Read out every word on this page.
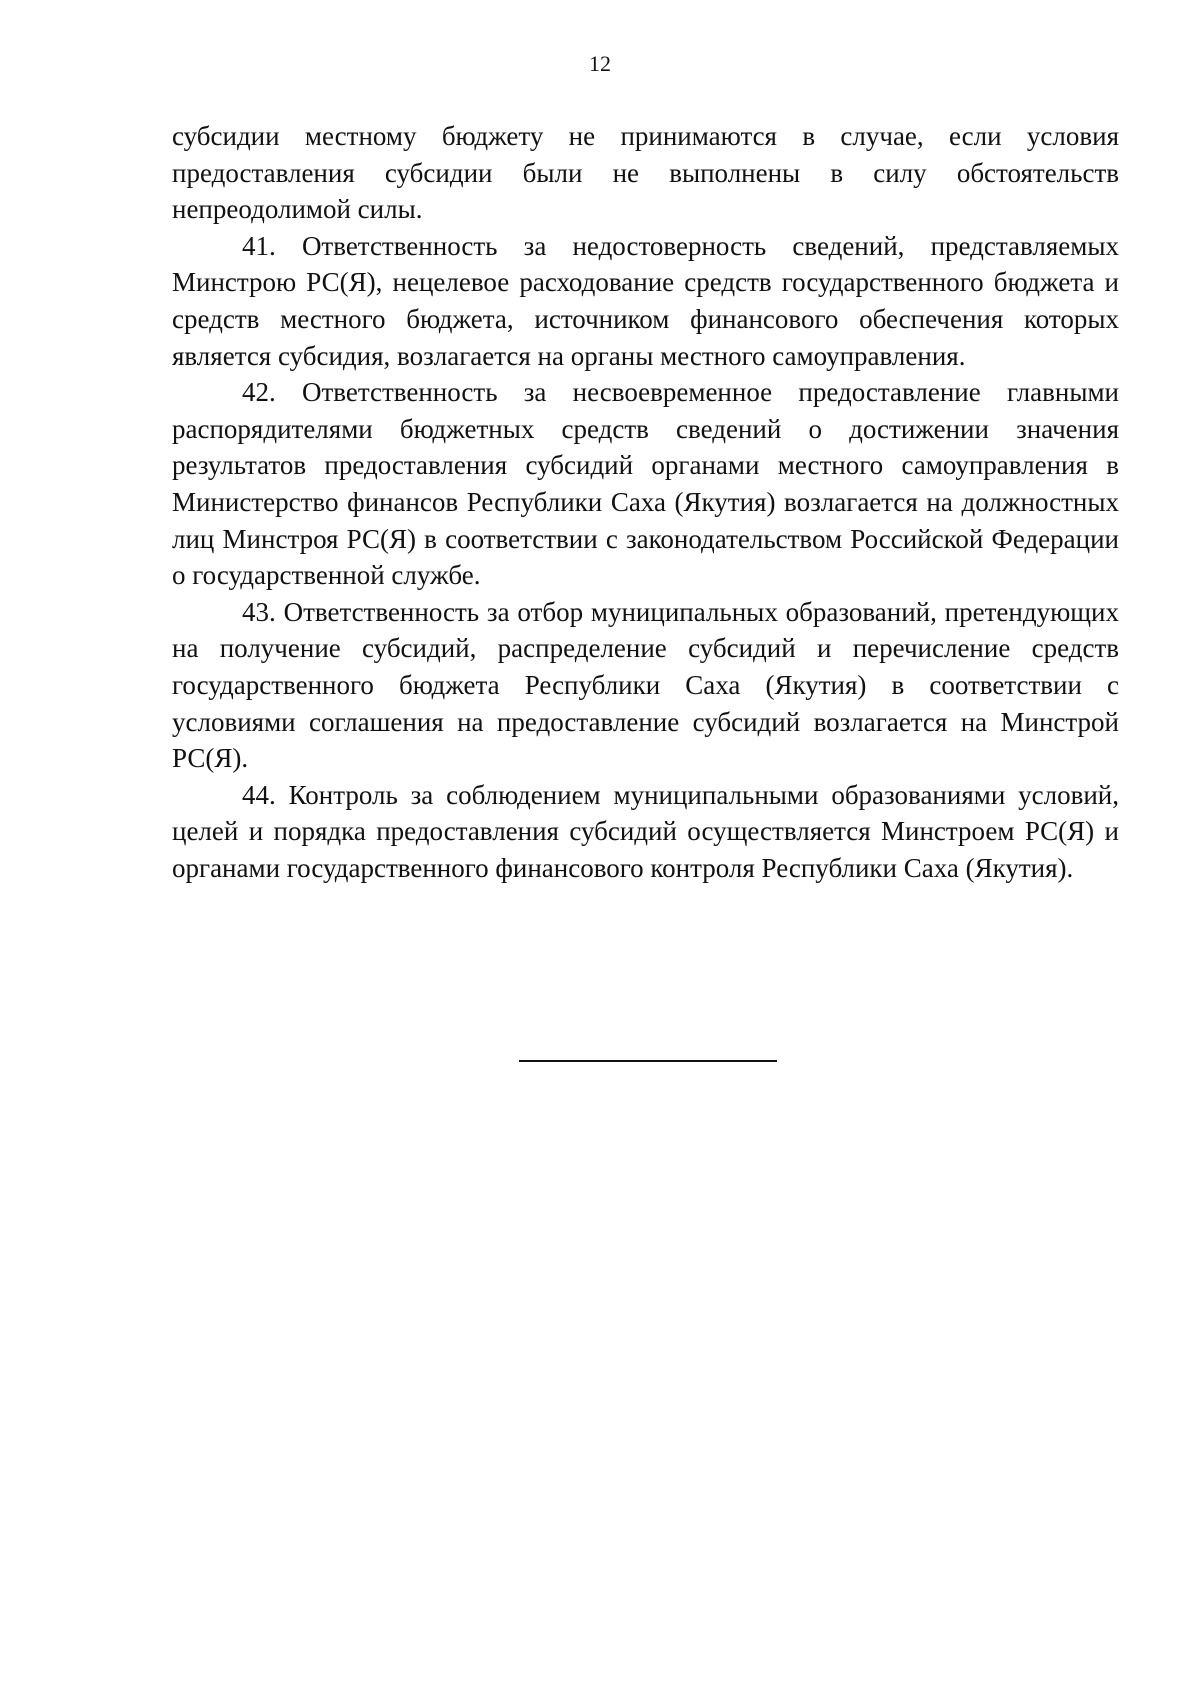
12

субсидии местному бюджету не принимаются в случае, если условия предоставления субсидии были не выполнены в силу обстоятельств непреодолимой силы.

41. Ответственность за недостоверность сведений, представляемых Минстрою РС(Я), нецелевое расходование средств государственного бюджета и средств местного бюджета, источником финансового обеспечения которых является субсидия, возлагается на органы местного самоуправления.

42. Ответственность за несвоевременное предоставление главными распорядителями бюджетных средств сведений о достижении значения результатов предоставления субсидий органами местного самоуправления в Министерство финансов Республики Саха (Якутия) возлагается на должностных лиц Минстроя РС(Я) в соответствии с законодательством Российской Федерации о государственной службе.

43. Ответственность за отбор муниципальных образований, претендующих на получение субсидий, распределение субсидий и перечисление средств государственного бюджета Республики Саха (Якутия) в соответствии с условиями соглашения на предоставление субсидий возлагается на Минстрой РС(Я).

44. Контроль за соблюдением муниципальными образованиями условий, целей и порядка предоставления субсидий осуществляется Минстроем РС(Я) и органами государственного финансового контроля Республики Саха (Якутия).
